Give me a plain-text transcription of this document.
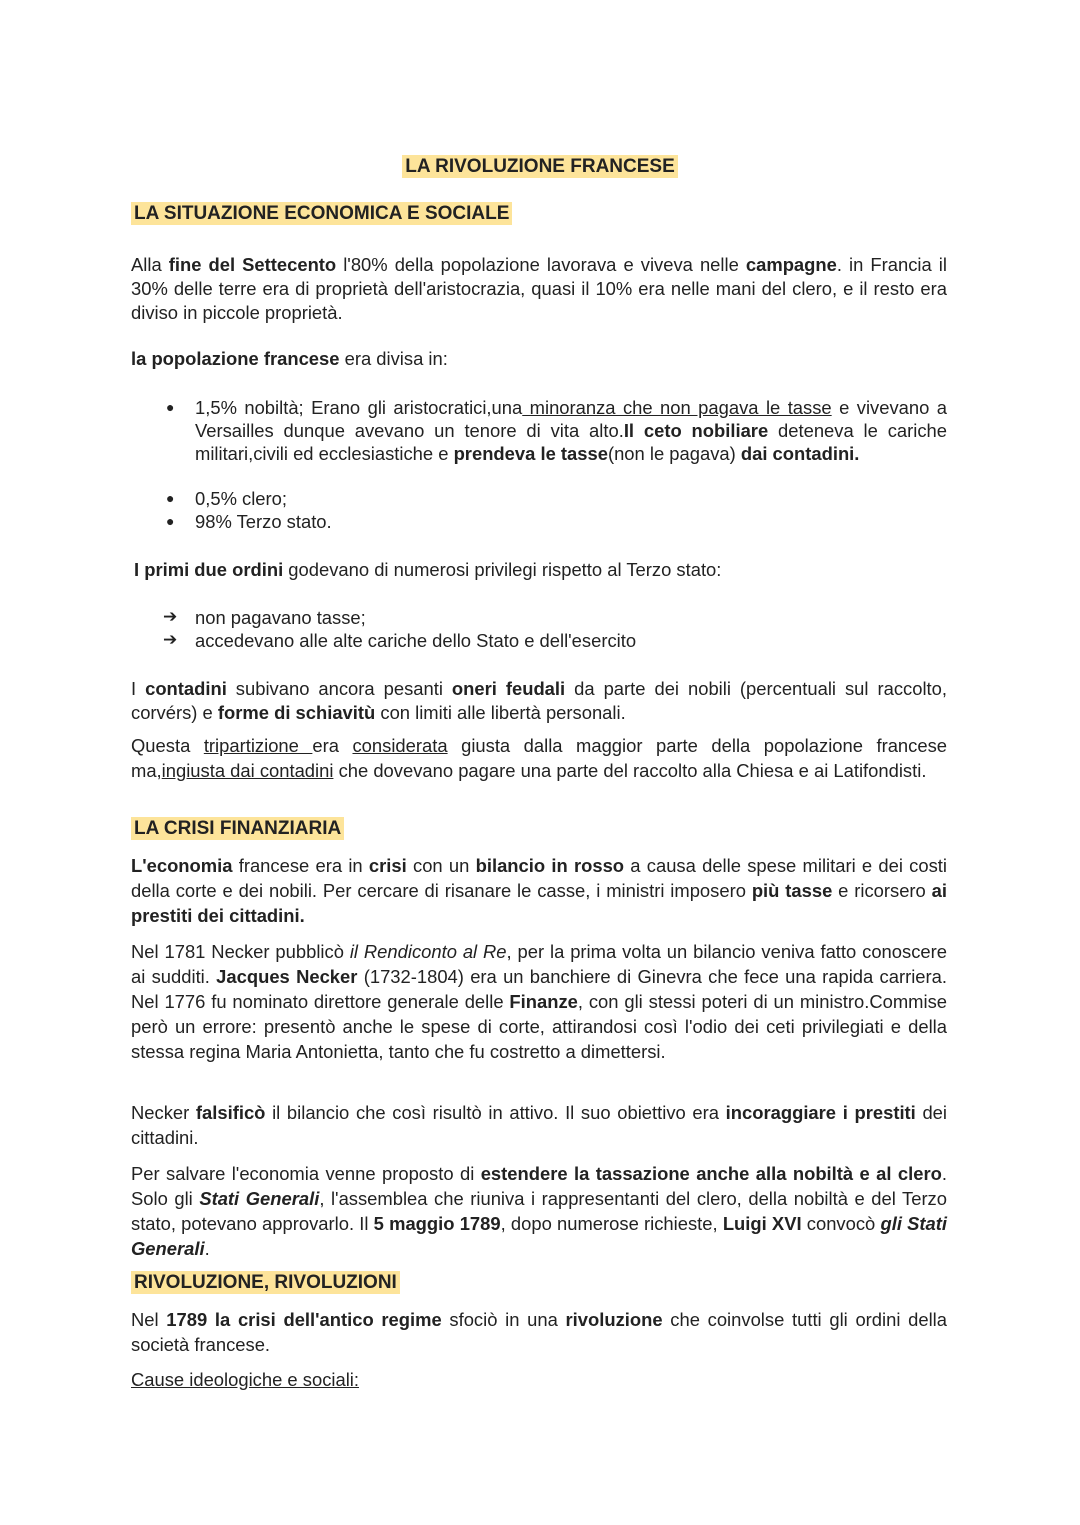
LA RIVOLUZIONE FRANCESE
LA SITUAZIONE ECONOMICA E SOCIALE
Alla fine del Settecento l'80% della popolazione lavorava e viveva nelle campagne. in Francia il 30% delle terre era di proprietà dell'aristocrazia, quasi il 10% era nelle mani del clero, e il resto era diviso in piccole proprietà.
la popolazione francese era divisa in:
● 1,5% nobiltà; Erano gli aristocratici,una minoranza che non pagava le tasse e vivevano a Versailles dunque avevano un tenore di vita alto.Il ceto nobiliare deteneva le cariche militari,civili ed ecclesiastiche e prendeva le tasse(non le pagava) dai contadini.
● 0,5% clero;
● 98% Terzo stato.
I primi due ordini godevano di numerosi privilegi rispetto al Terzo stato:
➔ non pagavano tasse;
➔ accedevano alle alte cariche dello Stato e dell'esercito
I contadini subivano ancora pesanti oneri feudali da parte dei nobili (percentuali sul raccolto, corvérs) e forme di schiavitù con limiti alle libertà personali.
Questa tripartizione era considerata giusta dalla maggior parte della popolazione francese ma,ingiusta dai contadini che dovevano pagare una parte del raccolto alla Chiesa e ai Latifondisti.
LA CRISI FINANZIARIA
L'economia francese era in crisi con un bilancio in rosso a causa delle spese militari e dei costi della corte e dei nobili. Per cercare di risanare le casse, i ministri imposero più tasse e ricorsero ai prestiti dei cittadini.
Nel 1781 Necker pubblicò il Rendiconto al Re, per la prima volta un bilancio veniva fatto conoscere ai sudditi. Jacques Necker (1732-1804) era un banchiere di Ginevra che fece una rapida carriera. Nel 1776 fu nominato direttore generale delle Finanze, con gli stessi poteri di un ministro.Commise però un errore: presentò anche le spese di corte, attirandosi così l'odio dei ceti privilegiati e della stessa regina Maria Antonietta, tanto che fu costretto a dimettersi.
Necker falsificò il bilancio che così risultò in attivo. Il suo obiettivo era incoraggiare i prestiti dei cittadini.
Per salvare l'economia venne proposto di estendere la tassazione anche alla nobiltà e al clero. Solo gli Stati Generali, l'assemblea che riuniva i rappresentanti del clero, della nobiltà e del Terzo stato, potevano approvarlo. Il 5 maggio 1789, dopo numerose richieste, Luigi XVI convocò gli Stati Generali.
RIVOLUZIONE, RIVOLUZIONI
Nel 1789 la crisi dell'antico regime sfociò in una rivoluzione che coinvolse tutti gli ordini della società francese.
Cause ideologiche e sociali:
